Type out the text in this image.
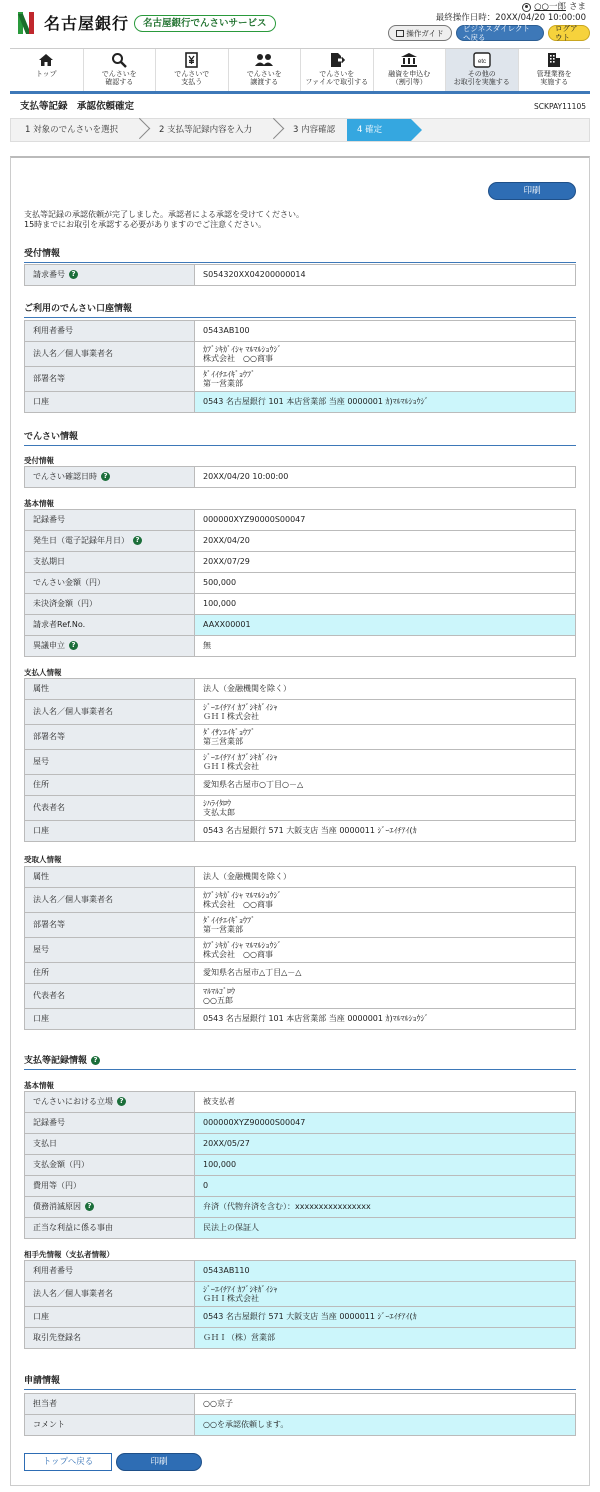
名古屋銀行	名古屋銀行でんさいサービス
○○一郎 さま
最終操作日時：20XX/04/20 10:00:00
操作ガイド	ビジネスダイレクトへ戻る
ログアウト
トップ	でんさいを
確認する
でんさいで
支払う
でんさいを
譲渡する
でんさいを
ファイルで取引する
融資を申込む
（割引等）
etc
その他の
お取引を実施する
管理業務を
実施する
支払等記録　承認依頼確定	SCKPAY11105
1 対象のでんさいを選択	2 支払等記録内容を入力	3 内容確認	4 確定
印刷
支払等記録の承認依頼が完了しました。承認者による承認を受けてください。
15時までにお取引を承認する必要がありますのでご注意ください。
受付情報
請求番号 ?	S054320XX04200000014
ご利用のでんさい口座情報
利用者番号	0543AB100
法人名／個人事業者名	ｶﾌﾞｼｷｶﾞｲｼｬ ﾏﾙﾏﾙｼｮｳｼﾞ
株式会社　○○商事
部署名等	ﾀﾞｲｲﾁｴｲｷﾞｮｳﾌﾞ
第一営業部
口座	0543 名古屋銀行 101 本店営業部 当座 0000001 ｶ)ﾏﾙﾏﾙｼｮｳｼﾞ
でんさい情報
受付情報
でんさい確認日時 ?	20XX/04/20 10:00:00
基本情報
記録番号	000000XYZ90000S00047
発生日（電子記録年月日） ?	20XX/04/20
支払期日	20XX/07/29
でんさい金額（円）	500,000
未決済金額（円）	100,000
請求者Ref.No.	AAXX00001
異議申立 ?	無
支払人情報
属性	法人（金融機関を除く）
法人名／個人事業者名	ｼﾞｰｴｲﾁｱｲ ｶﾌﾞｼｷｶﾞｲｼｬ
ＧＨＩ株式会社
部署名等	ﾀﾞｲｻﾝｴｲｷﾞｮｳﾌﾞ
第三営業部
屋号	ｼﾞｰｴｲﾁｱｲ ｶﾌﾞｼｷｶﾞｲｼｬ
ＧＨＩ株式会社
住所	愛知県名古屋市○丁目○－△
代表者名	ｼﾊﾗｲﾀﾛｳ
支払太郎
口座	0543 名古屋銀行 571 大阪支店 当座 0000011 ｼﾞｰｴｲﾁｱｲ(ｶ
受取人情報
属性	法人（金融機関を除く）
法人名／個人事業者名	ｶﾌﾞｼｷｶﾞｲｼｬ ﾏﾙﾏﾙｼｮｳｼﾞ
株式会社　○○商事
部署名等	ﾀﾞｲｲﾁｴｲｷﾞｮｳﾌﾞ
第一営業部
屋号	ｶﾌﾞｼｷｶﾞｲｼｬ ﾏﾙﾏﾙｼｮｳｼﾞ
株式会社　○○商事
住所	愛知県名古屋市△丁目△－△
代表者名	ﾏﾙﾏﾙｺﾞﾛｳ
○○五郎
口座	0543 名古屋銀行 101 本店営業部 当座 0000001 ｶ)ﾏﾙﾏﾙｼｮｳｼﾞ
支払等記録情報 ?
基本情報
でんさいにおける立場 ?	被支払者
記録番号	000000XYZ90000S00047
支払日	20XX/05/27
支払金額（円）	100,000
費用等（円）	0
債務消滅原因 ?	弁済（代物弁済を含む）：xxxxxxxxxxxxxxxx
正当な利益に係る事由	民法上の保証人
相手先情報（支払者情報）
利用者番号	0543AB110
法人名／個人事業者名	ｼﾞｰｴｲﾁｱｲ ｶﾌﾞｼｷｶﾞｲｼｬ
ＧＨＩ株式会社
口座	0543 名古屋銀行 571 大阪支店 当座 0000011 ｼﾞｰｴｲﾁｱｲ(ｶ
取引先登録名	ＧＨＩ（株）営業部
申請情報
担当者	○○京子
コメント	○○を承認依頼します。
トップへ戻る	印刷
